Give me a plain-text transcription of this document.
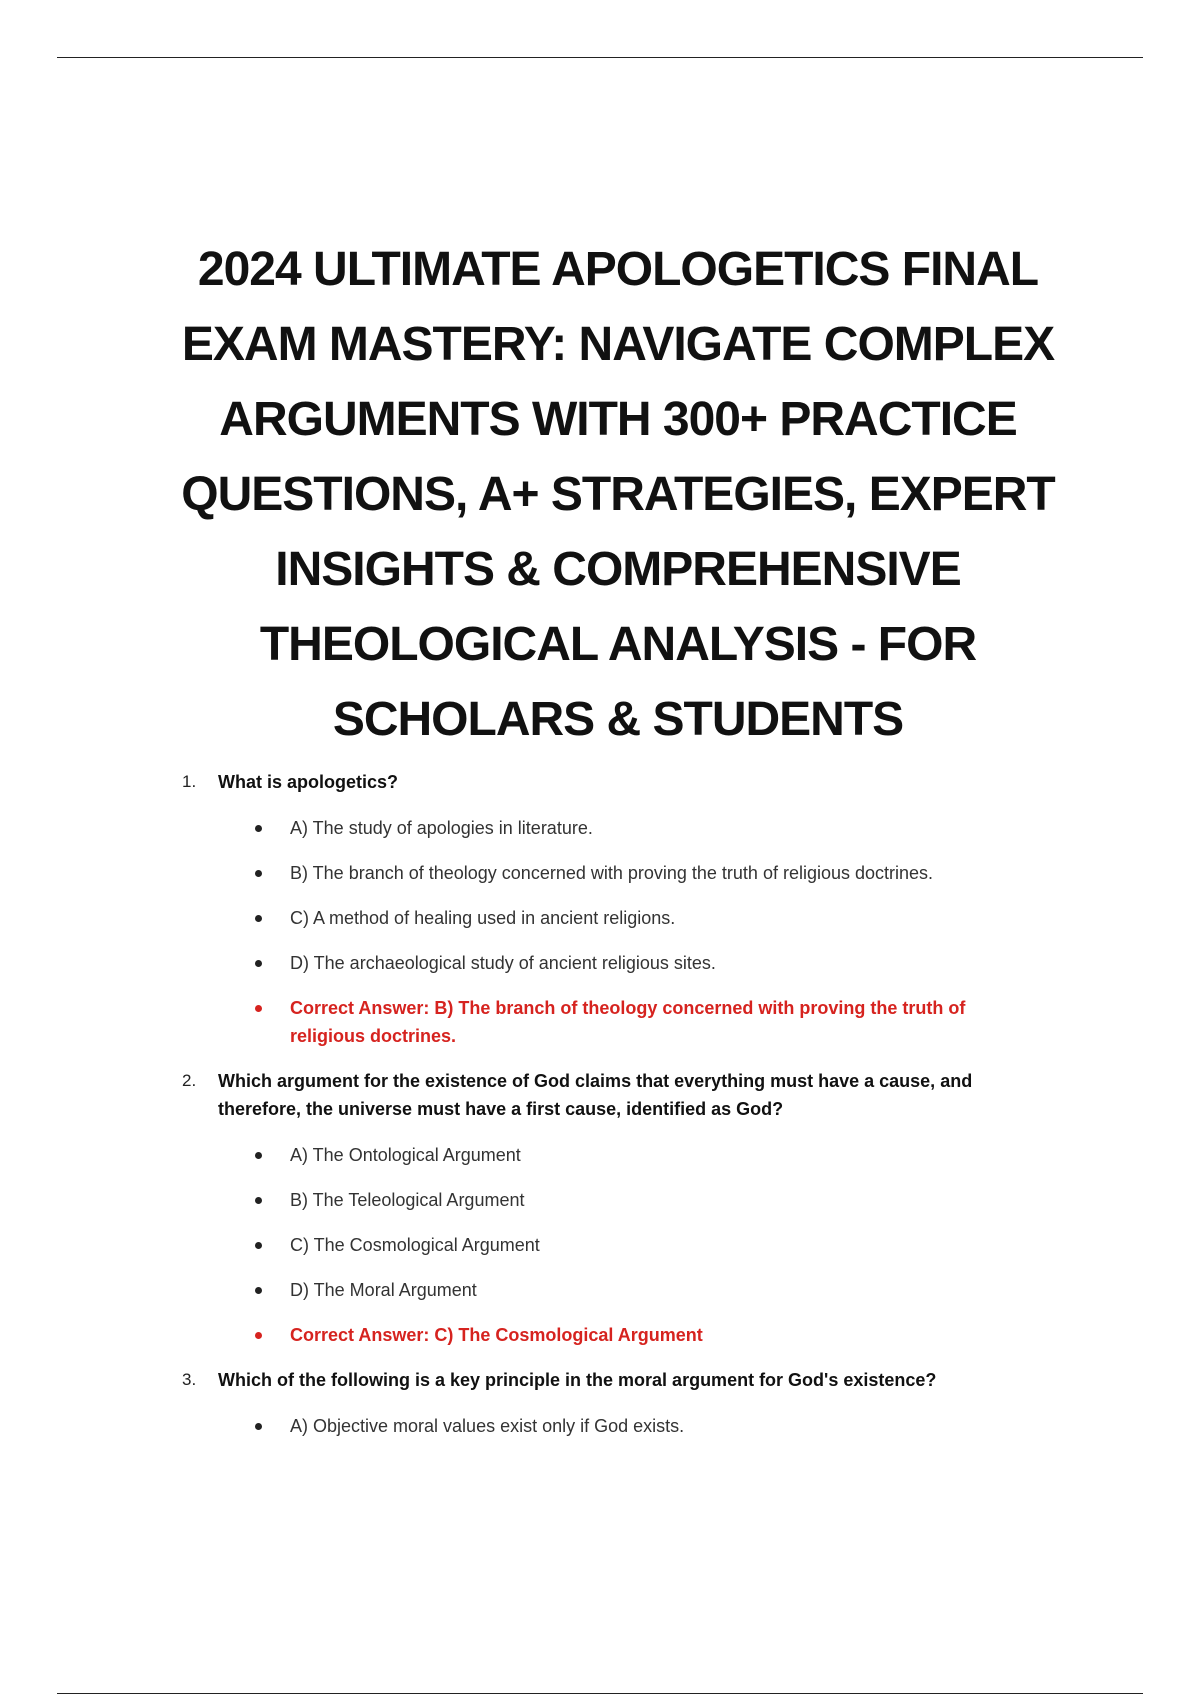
2024 ULTIMATE APOLOGETICS FINAL EXAM MASTERY: NAVIGATE COMPLEX ARGUMENTS WITH 300+ PRACTICE QUESTIONS, A+ STRATEGIES, EXPERT INSIGHTS & COMPREHENSIVE THEOLOGICAL ANALYSIS - FOR SCHOLARS & STUDENTS
1. What is apologetics?
A) The study of apologies in literature.
B) The branch of theology concerned with proving the truth of religious doctrines.
C) A method of healing used in ancient religions.
D) The archaeological study of ancient religious sites.
Correct Answer: B) The branch of theology concerned with proving the truth of religious doctrines.
2. Which argument for the existence of God claims that everything must have a cause, and therefore, the universe must have a first cause, identified as God?
A) The Ontological Argument
B) The Teleological Argument
C) The Cosmological Argument
D) The Moral Argument
Correct Answer: C) The Cosmological Argument
3. Which of the following is a key principle in the moral argument for God's existence?
A) Objective moral values exist only if God exists.
